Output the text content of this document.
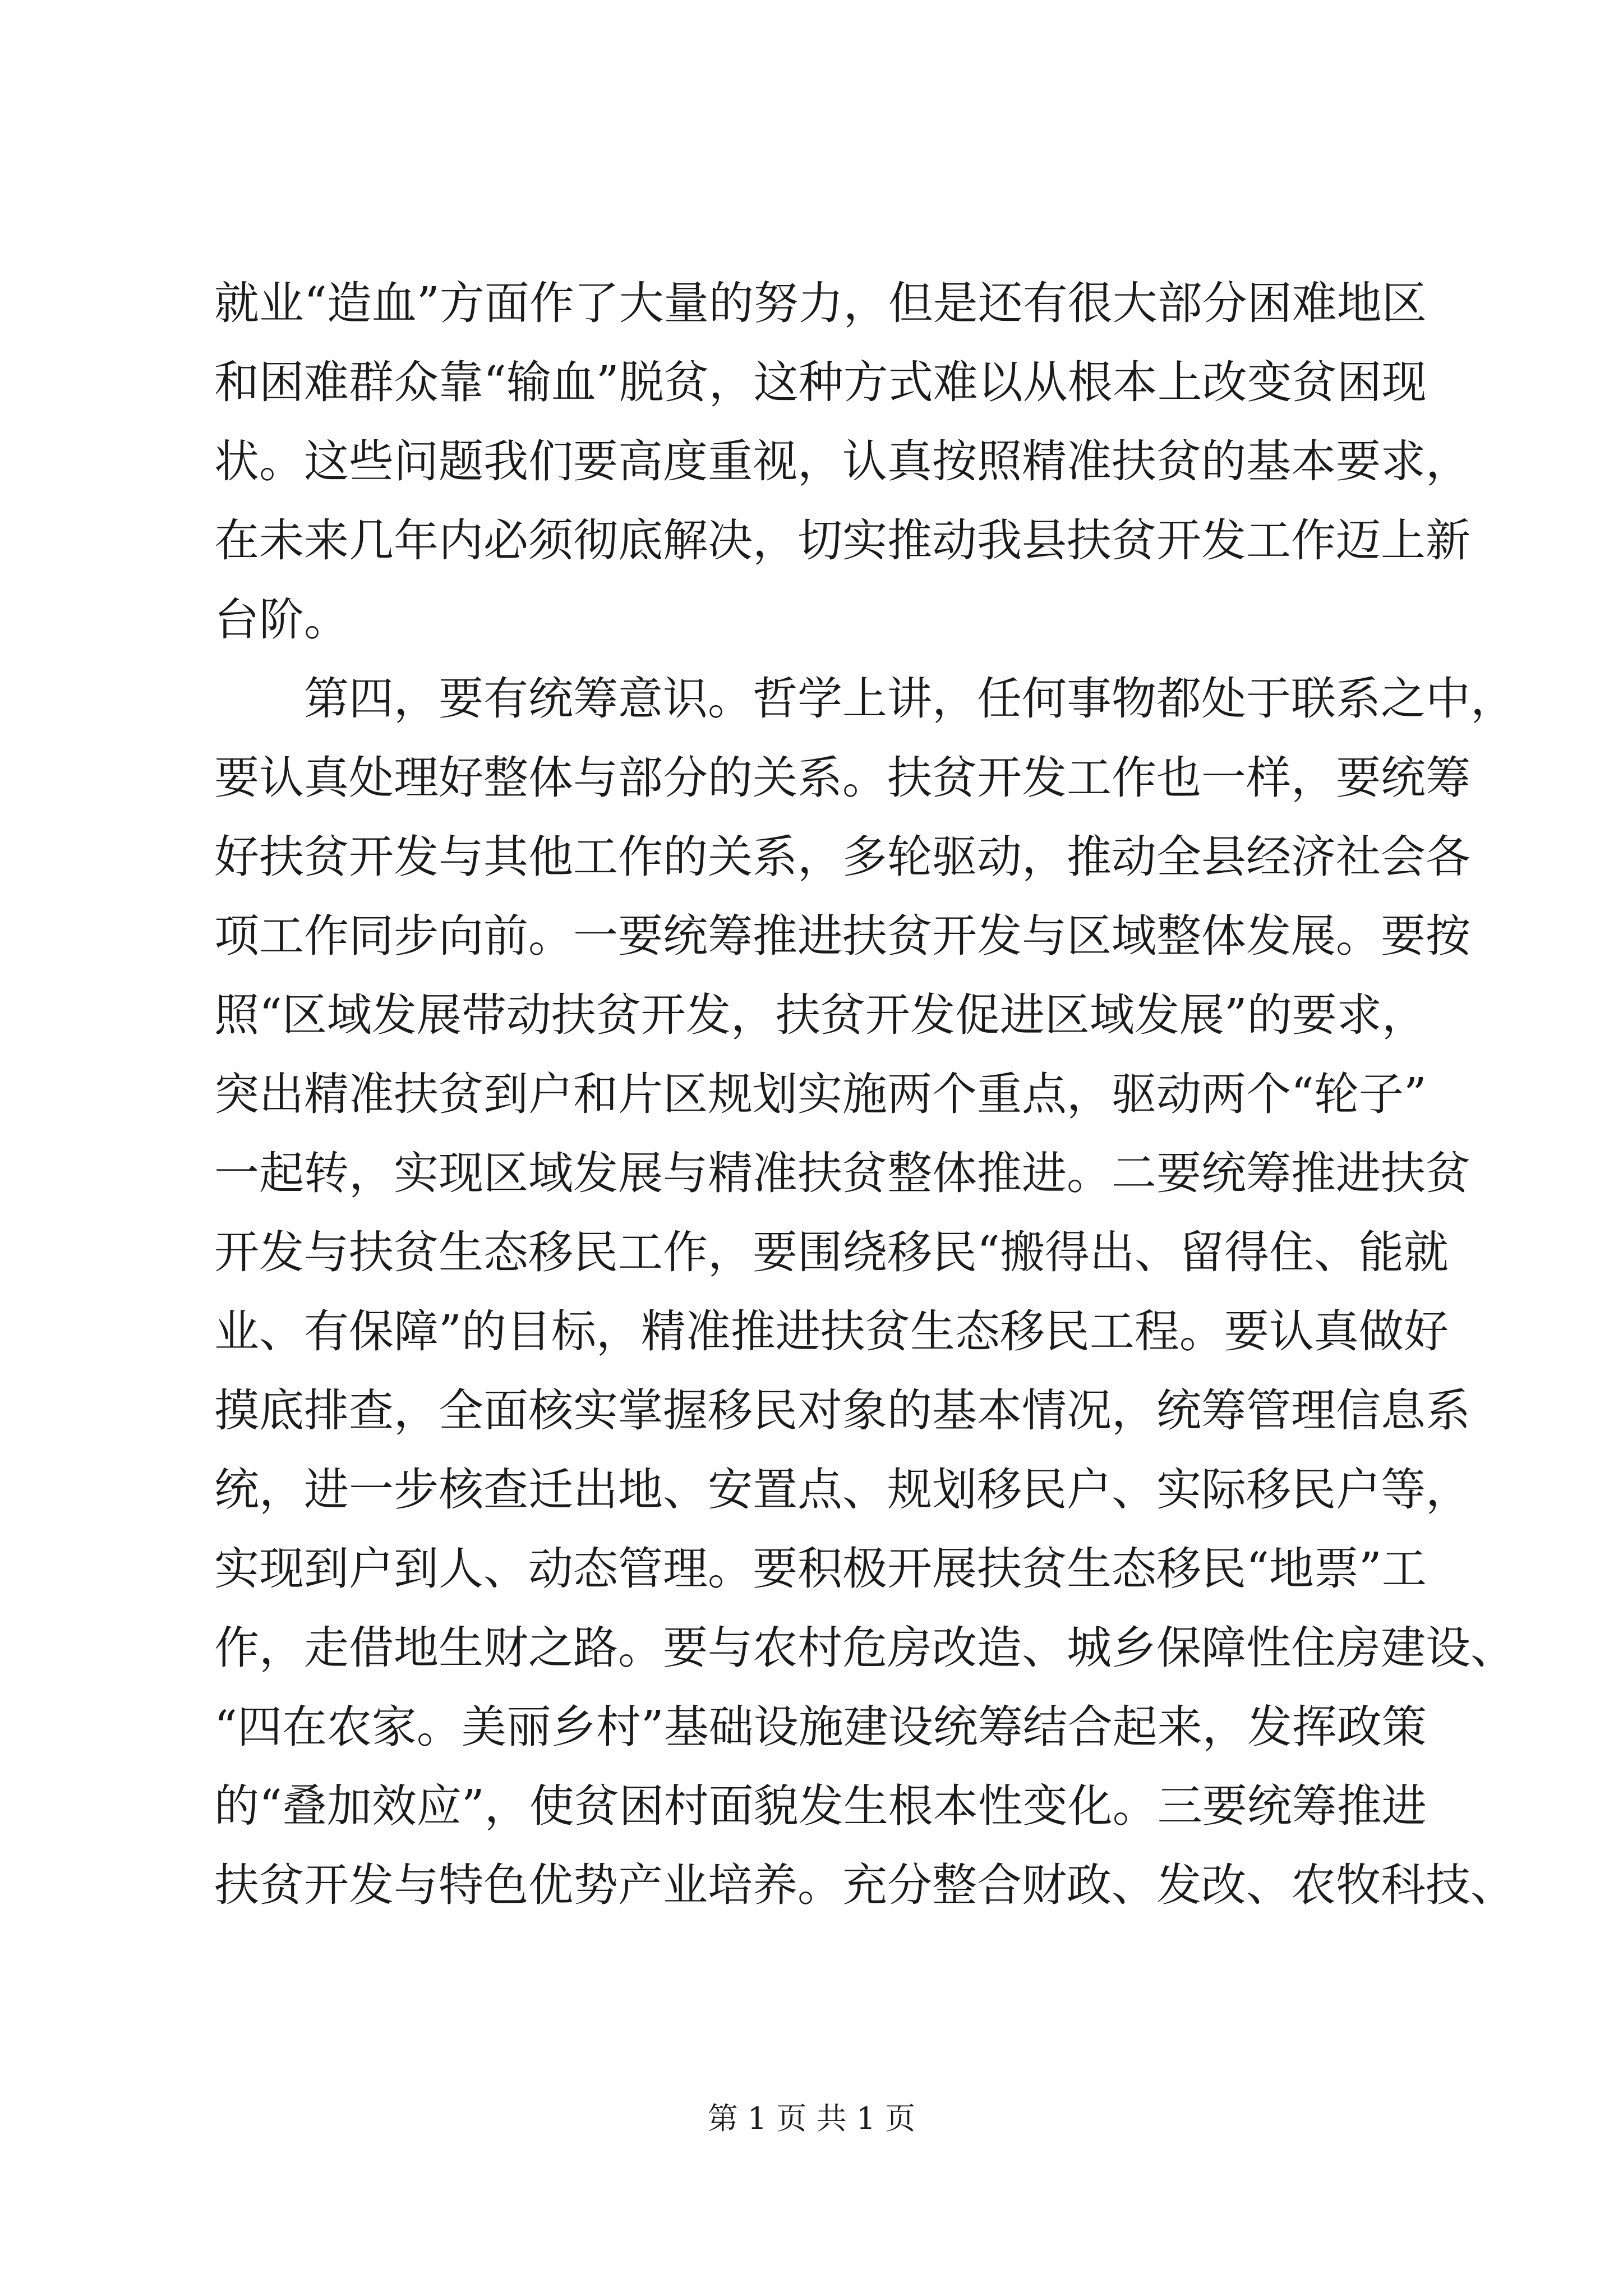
就业“造血”方面作了大量的努力，但是还有很大部分困难地区
和困难群众靠“输血”脱贫，这种方式难以从根本上改变贫困现
状。这些问题我们要高度重视，认真按照精准扶贫的基本要求，
在未来几年内必须彻底解决，切实推动我县扶贫开发工作迈上新
台阶。
第四，要有统筹意识。哲学上讲，任何事物都处于联系之中，
要认真处理好整体与部分的关系。扶贫开发工作也一样，要统筹
好扶贫开发与其他工作的关系，多轮驱动，推动全县经济社会各
项工作同步向前。一要统筹推进扶贫开发与区域整体发展。要按
照“区域发展带动扶贫开发，扶贫开发促进区域发展”的要求，
突出精准扶贫到户和片区规划实施两个重点，驱动两个“轮子”
一起转，实现区域发展与精准扶贫整体推进。二要统筹推进扶贫
开发与扶贫生态移民工作，要围绕移民“搬得出、留得住、能就
业、有保障”的目标，精准推进扶贫生态移民工程。要认真做好
摸底排查，全面核实掌握移民对象的基本情况，统筹管理信息系
统，进一步核查迁出地、安置点、规划移民户、实际移民户等，
实现到户到人、动态管理。要积极开展扶贫生态移民“地票”工
作，走借地生财之路。要与农村危房改造、城乡保障性住房建设、
“四在农家。美丽乡村”基础设施建设统筹结合起来，发挥政策
的“叠加效应”，使贫困村面貌发生根本性变化。三要统筹推进
扶贫开发与特色优势产业培养。充分整合财政、发改、农牧科技、
第 1 页 共 1 页
